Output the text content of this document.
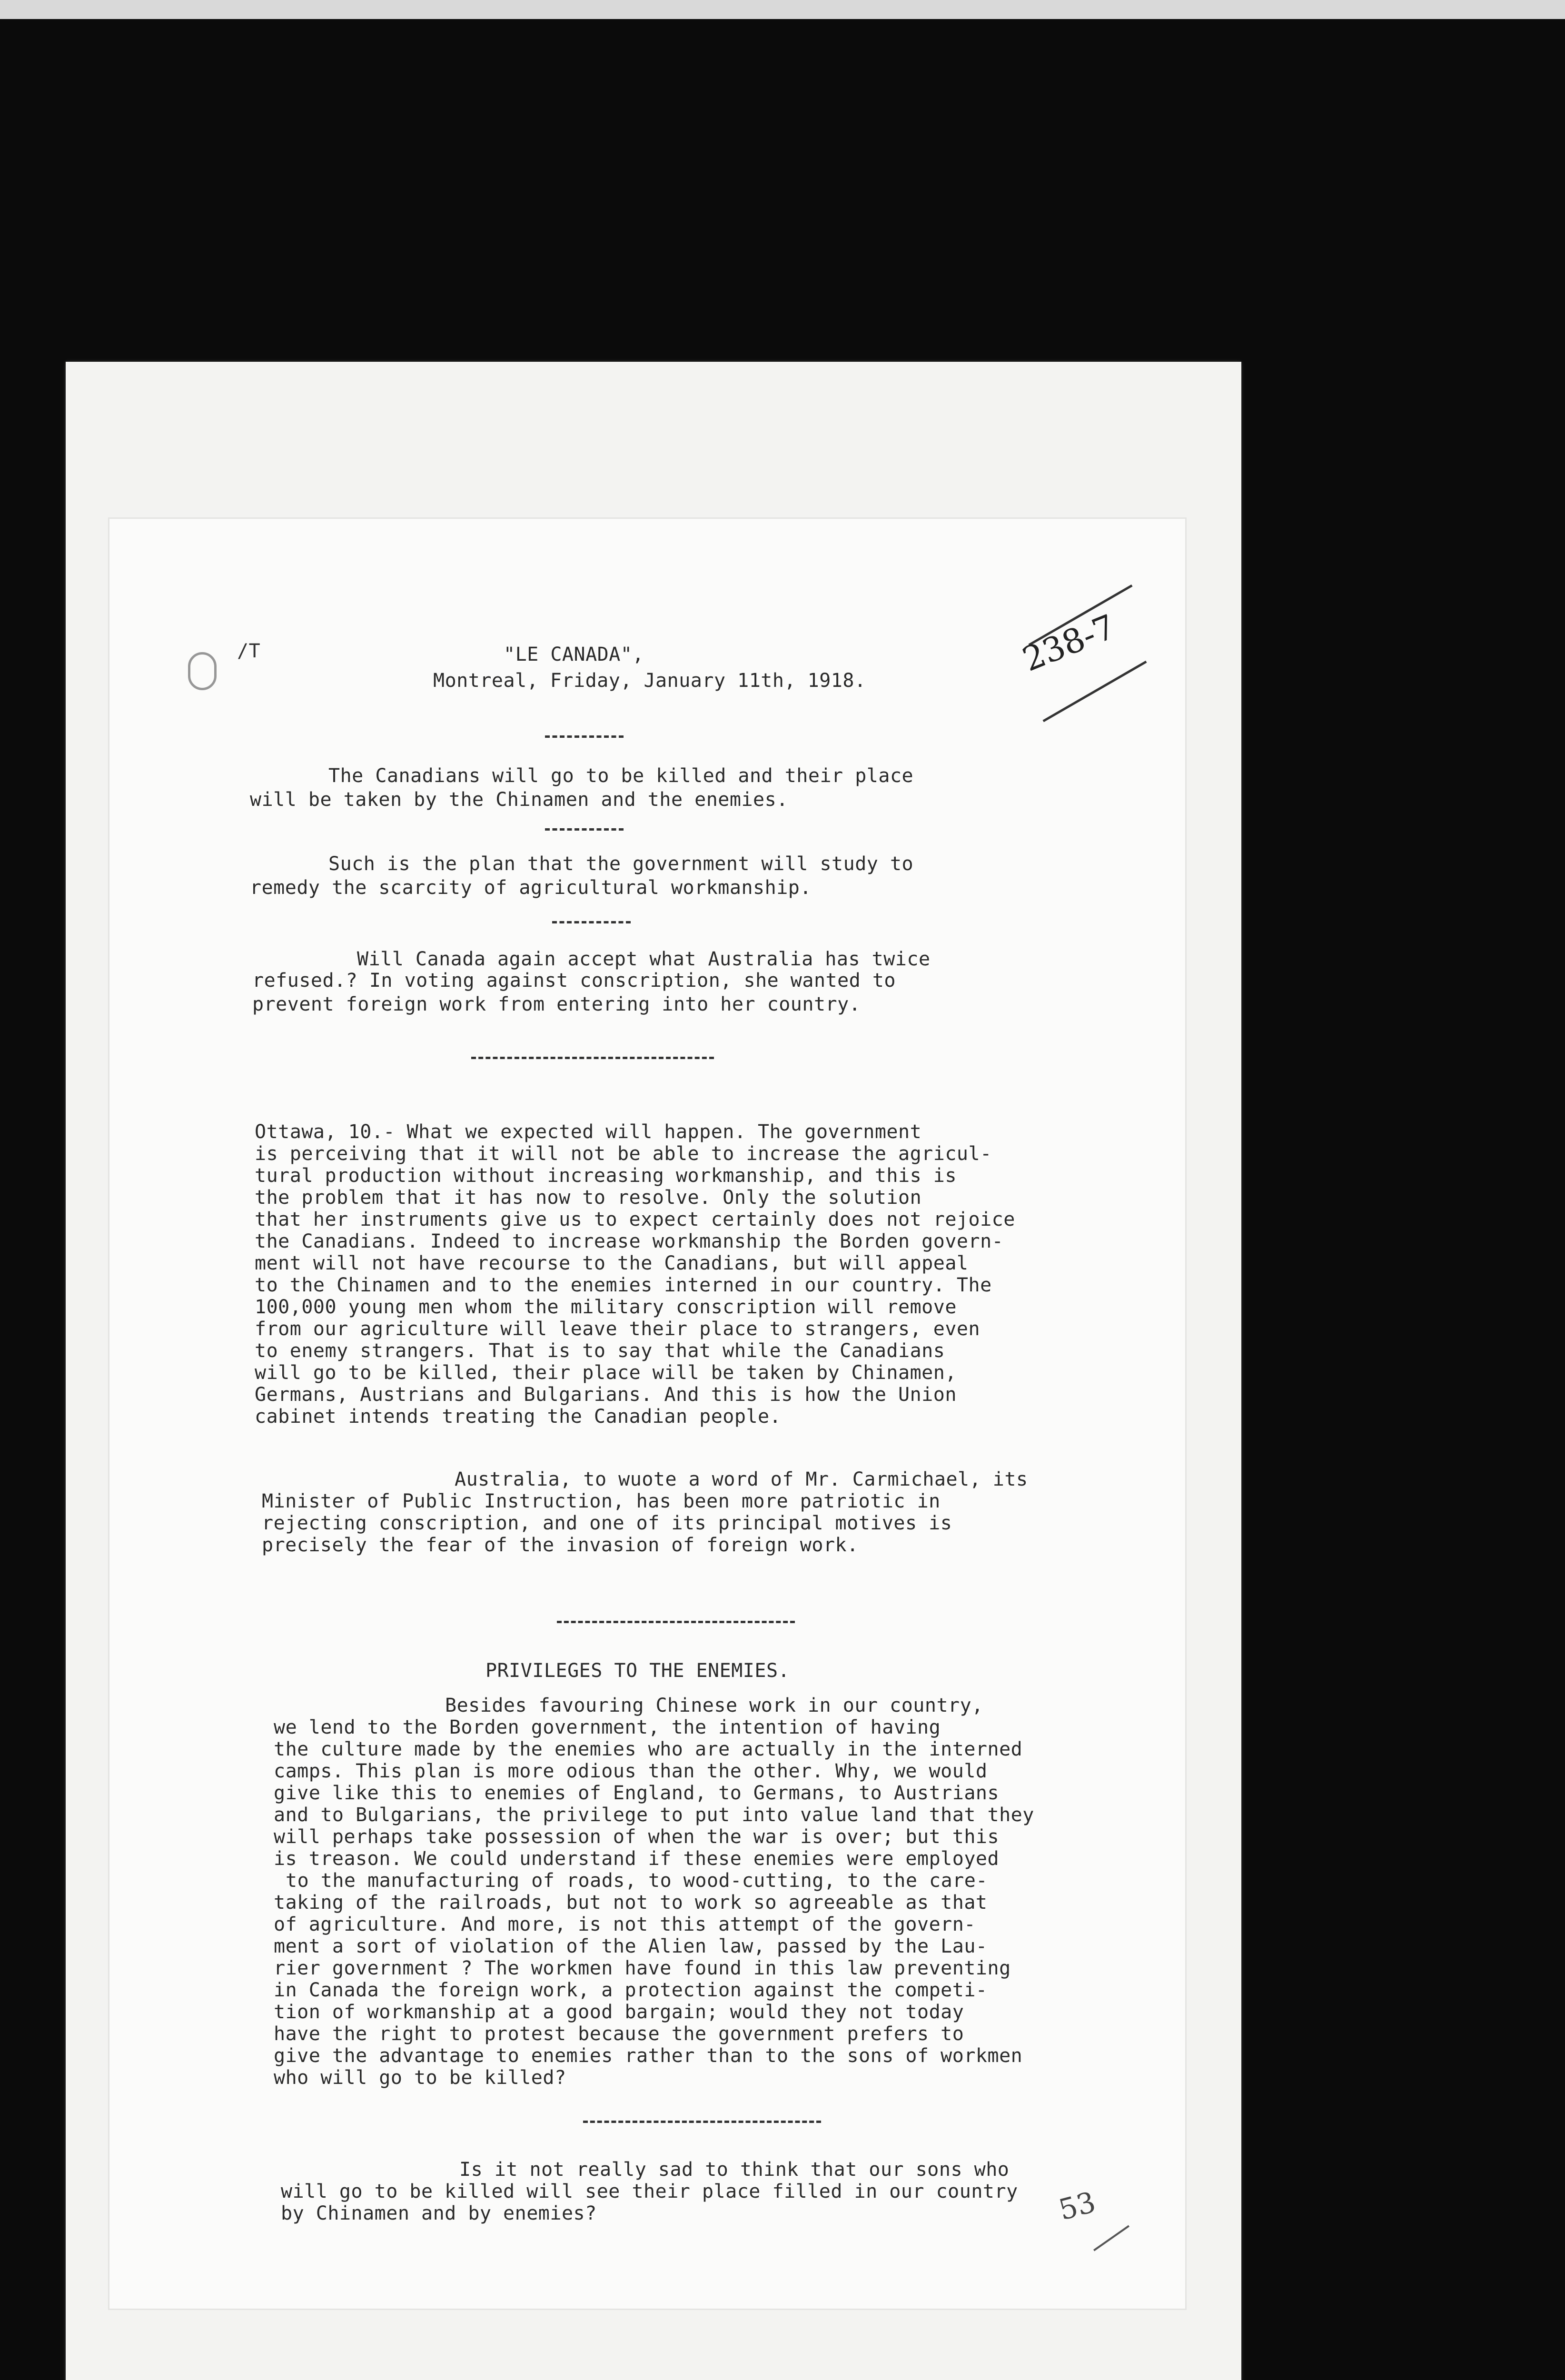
/T	238-7
"LE CANADA",
Montreal, Friday, January 11th, 1918.
The Canadians will go to be killed and their place
will be taken by the Chinamen and the enemies.
Such is the plan that the government will study to
remedy the scarcity of agricultural workmanship.
Will Canada again accept what Australia has twice
refused.? In voting against conscription, she wanted to
prevent foreign work from entering into her country.
Ottawa, 10.- What we expected will happen. The government
is perceiving that it will not be able to increase the agricul-
tural production without increasing workmanship, and this is
the problem that it has now to resolve. Only the solution
that her instruments give us to expect certainly does not rejoice
the Canadians. Indeed to increase workmanship the Borden govern-
ment will not have recourse to the Canadians, but will appeal
to the Chinamen and to the enemies interned in our country. The
100,000 young men whom the military conscription will remove
from our agriculture will leave their place to strangers, even
to enemy strangers. That is to say that while the Canadians
will go to be killed, their place will be taken by Chinamen,
Germans, Austrians and Bulgarians. And this is how the Union
cabinet intends treating the Canadian people.
Australia, to wuote a word of Mr. Carmichael, its
Minister of Public Instruction, has been more patriotic in
rejecting conscription, and one of its principal motives is
precisely the fear of the invasion of foreign work.
PRIVILEGES TO THE ENEMIES.
Besides favouring Chinese work in our country,
we lend to the Borden government, the intention of having
the culture made by the enemies who are actually in the interned
camps. This plan is more odious than the other. Why, we would
give like this to enemies of England, to Germans, to Austrians
and to Bulgarians, the privilege to put into value land that they
will perhaps take possession of when the war is over; but this
is treason. We could understand if these enemies were employed
to the manufacturing of roads, to wood-cutting, to the care-
taking of the railroads, but not to work so agreeable as that
of agriculture. And more, is not this attempt of the govern-
ment a sort of violation of the Alien law, passed by the Lau-
rier government ? The workmen have found in this law preventing
in Canada the foreign work, a protection against the competi-
tion of workmanship at a good bargain; would they not today
have the right to protest because the government prefers to
give the advantage to enemies rather than to the sons of workmen
who will go to be killed?
Is it not really sad to think that our sons who
will go to be killed will see their place filled in our country
by Chinamen and by enemies?	53
